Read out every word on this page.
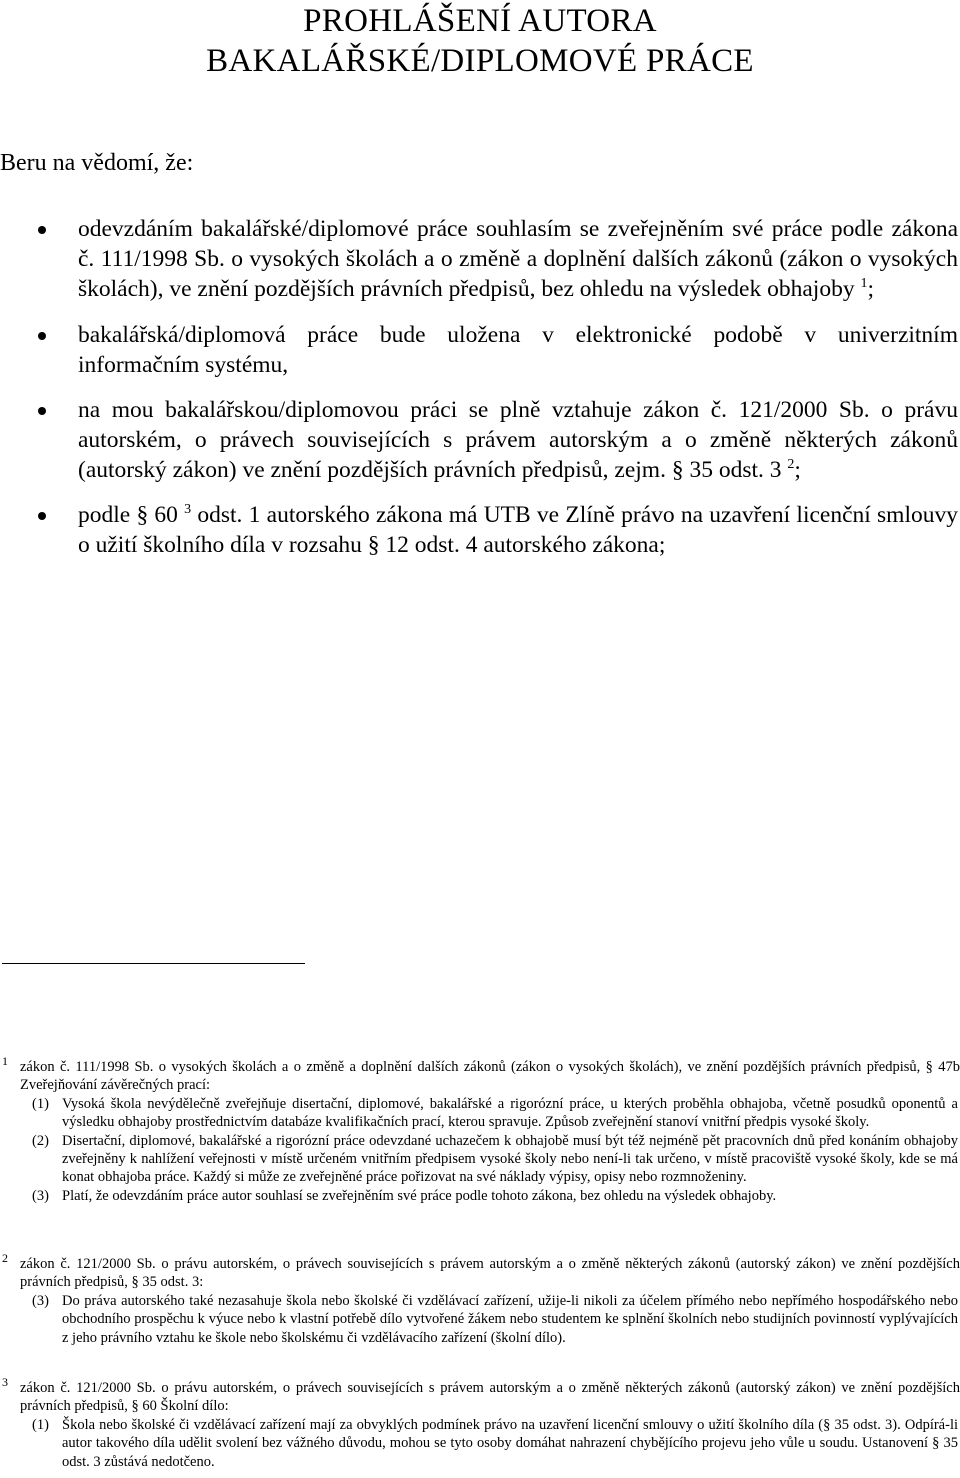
PROHLÁŠENÍ AUTORA
BAKALÁŘSKÉ/DIPLOMOVÉ PRÁCE
Beru na vědomí, že:
odevzdáním bakalářské/diplomové práce souhlasím se zveřejněním své práce podle zákona č. 111/1998 Sb. o vysokých školách a o změně a doplnění dalších zákonů (zákon o vysokých školách), ve znění pozdějších právních předpisů, bez ohledu na výsledek obhajoby $^1$;
bakalářská/diplomová práce bude uložena v elektronické podobě v univerzitním informačním systému,
na mou bakalářskou/diplomovou práci se plně vztahuje zákon č. 121/2000 Sb. o právu autorském, o právech souvisejících s právem autorským a o změně některých zákonů (autorský zákon) ve znění pozdějších právních předpisů, zejm. § 35 odst. 3 $^2$;
podle § 60 $^3$ odst. 1 autorského zákona má UTB ve Zlíně právo na uzavření licenční smlouvy o užití školního díla v rozsahu § 12 odst. 4 autorského zákona;
1 zákon č. 111/1998 Sb. o vysokých školách a o změně a doplnění dalších zákonů (zákon o vysokých školách), ve znění pozdějších právních předpisů, § 47b Zveřejňování závěrečných prací:
(1) Vysoká škola nevýdělečně zveřejňuje disertační, diplomové, bakalářské a rigorózní práce, u kterých proběhla obhajoba, včetně posudků oponentů a výsledku obhajoby prostřednictvím databáze kvalifikačních prací, kterou spravuje. Způsob zveřejnění stanoví vnitřní předpis vysoké školy.
(2) Disertační, diplomové, bakalářské a rigorózní práce odevzdané uchazečem k obhajobě musí být též nejméně pět pracovních dnů před konáním obhajoby zveřejněny k nahlížení veřejnosti v místě určeném vnitřním předpisem vysoké školy nebo není-li tak určeno, v místě pracoviště vysoké školy, kde se má konat obhajoba práce. Každý si může ze zveřejněné práce pořizovat na své náklady výpisy, opisy nebo rozmnoženiny.
(3) Platí, že odevzdáním práce autor souhlasí se zveřejněním své práce podle tohoto zákona, bez ohledu na výsledek obhajoby.
2 zákon č. 121/2000 Sb. o právu autorském, o právech souvisejících s právem autorským a o změně některých zákonů (autorský zákon) ve znění pozdějších právních předpisů, § 35 odst. 3:
(3) Do práva autorského také nezasahuje škola nebo školské či vzdělávací zařízení, užije-li nikoli za účelem přímého nebo nepřímého hospodářského nebo obchodního prospěchu k výuce nebo k vlastní potřebě dílo vytvořené žákem nebo studentem ke splnění školních nebo studijních povinností vyplývajících z jeho právního vztahu ke škole nebo školskému či vzdělávacího zařízení (školní dílo).
3 zákon č. 121/2000 Sb. o právu autorském, o právech souvisejících s právem autorským a o změně některých zákonů (autorský zákon) ve znění pozdějších právních předpisů, § 60 Školní dílo:
(1) Škola nebo školské či vzdělávací zařízení mají za obvyklých podmínek právo na uzavření licenční smlouvy o užití školního díla (§ 35 odst. 3). Odpírá-li autor takového díla udělit svolení bez vážného důvodu, mohou se tyto osoby domáhat nahrazení chybějícího projevu jeho vůle u soudu. Ustanovení § 35 odst. 3 zůstává nedotčeno.
